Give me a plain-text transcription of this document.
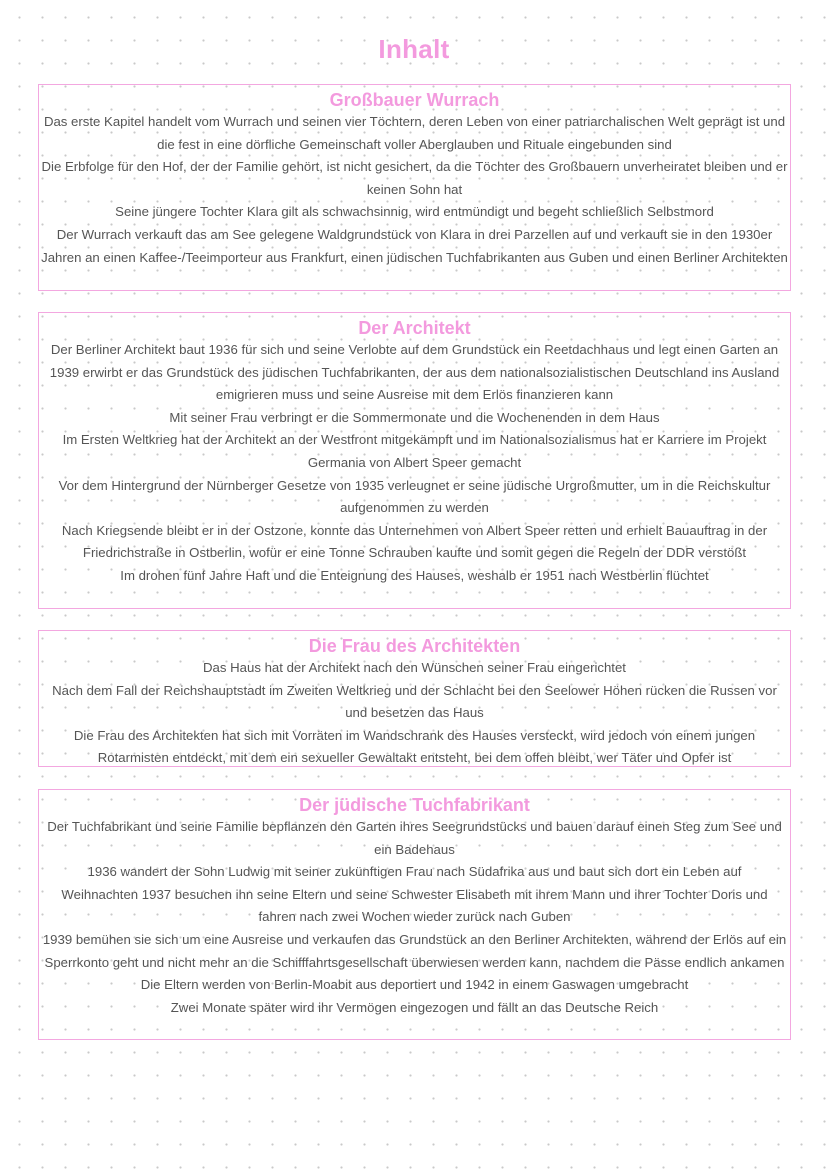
Inhalt
Großbauer Wurrach

Das erste Kapitel handelt vom Wurrach und seinen vier Töchtern, deren Leben von einer patriarchalischen Welt geprägt ist und die fest in eine dörfliche Gemeinschaft voller Aberglauben und Rituale eingebunden sind

Die Erbfolge für den Hof, der der Familie gehört, ist nicht gesichert, da die Töchter des Großbauern unverheiratet bleiben und er keinen Sohn hat

Seine jüngere Tochter Klara gilt als schwachsinnig, wird entmündigt und begeht schließlich Selbstmord

Der Wurrach verkauft das am See gelegene Waldgrundstück von Klara in drei Parzellen auf und verkauft sie in den 1930er Jahren an einen Kaffee-/Teeimporteur aus Frankfurt, einen jüdischen Tuchfabrikanten aus Guben und einen Berliner Architekten

Der Architekt

Der Berliner Architekt baut 1936 für sich und seine Verlobte auf dem Grundstück ein Reetdachhaus und legt einen Garten an

1939 erwirbt er das Grundstück des jüdischen Tuchfabrikanten, der aus dem nationalsozialistischen Deutschland ins Ausland emigrieren muss und seine Ausreise mit dem Erlös finanzieren kann

Mit seiner Frau verbringt er die Sommermonate und die Wochenenden in dem Haus

Im Ersten Weltkrieg hat der Architekt an der Westfront mitgekämpft und im Nationalsozialismus hat er Karriere im Projekt Germania von Albert Speer gemacht

Vor dem Hintergrund der Nürnberger Gesetze von 1935 verleugnet er seine jüdische Urgroßmutter, um in die Reichskultur aufgenommen zu werden

Nach Kriegsende bleibt er in der Ostzone, konnte das Unternehmen von Albert Speer retten und erhielt Bauauftrag in der Friedrichstraße in Ostberlin, wofür er eine Tonne Schrauben kaufte und somit gegen die Regeln der DDR verstößt

Im drohen fünf Jahre Haft und die Enteignung des Hauses, weshalb er 1951 nach Westberlin flüchtet

Die Frau des Architekten

Das Haus hat der Architekt nach den Wünschen seiner Frau eingerichtet

Nach dem Fall der Reichshauptstadt im Zweiten Weltkrieg und der Schlacht bei den Seelower Höhen rücken die Russen vor und besetzen das Haus

Die Frau des Architekten hat sich mit Vorräten im Wandschrank des Hauses versteckt, wird jedoch von einem jungen Rotarmisten entdeckt, mit dem ein sexueller Gewaltakt entsteht, bei dem offen bleibt, wer Täter und Opfer ist

Der jüdische Tuchfabrikant

Der Tuchfabrikant und seine Familie bepflanzen den Garten ihres Seegrundstücks und bauen darauf einen Steg zum See und ein Badehaus

1936 wandert der Sohn Ludwig mit seiner zukünftigen Frau nach Südafrika aus und baut sich dort ein Leben auf

Weihnachten 1937 besuchen ihn seine Eltern und seine Schwester Elisabeth mit ihrem Mann und ihrer Tochter Doris und fahren nach zwei Wochen wieder zurück nach Guben

1939 bemühen sie sich um eine Ausreise und verkaufen das Grundstück an den Berliner Architekten, während der Erlös auf ein Sperrkonto geht und nicht mehr an die Schifffahrtsgesellschaft überwiesen werden kann, nachdem die Pässe endlich ankamen

Die Eltern werden von Berlin-Moabit aus deportiert und 1942 in einem Gaswagen umgebracht

Zwei Monate später wird ihr Vermögen eingezogen und fällt an das Deutsche Reich
